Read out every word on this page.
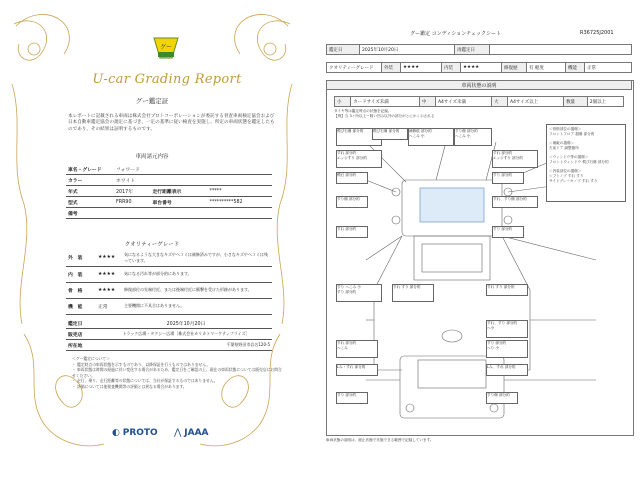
グー
U-car Grading Report
グー鑑定証
本レポートに記載される車両は株式会社プロトコーポレーションが委託する骨査車両検定協会および日本自動車鑑定協会の規定に基づき、一定の基準に従い検査を実施し、所定の車両状態を鑑定したものであり、その結果は証明するものです。
車両諸元内容
車名・グレード	フォワード		
カラー	ホワイト		
年式	2017年	走行距離表示	*****
型式	FRR90	車台番号	**********582
備考			
クオリティーグレード
外　装	★★★★	気になるような大きなキズやヘコミは補修済みですが、小さなキズやヘコミは残っています。
内　装	★★★★	気になる汚れ等が部分的にあります。
骨　格	★★★★	修復部位の先端付近、または後端付近に衝撃を受けた形跡があります。
機　能	正常	主要機関に不具合はありません。
鑑定日	2025年10月20日
販売店	トラック広場・タクシー広場［株式会社カリカトマーケティプライズ］
所在地	千葉県野田市岩名120-5
＜グー鑑定について＞
・ 鑑定時点の車両状態を示すものであり、以降保証を行うものではありません。
・ 車両状態は時間の経過に伴い変化する場合があるため、鑑定日をご確認の上、現在の車両状態については販売店にお問合せください。
・ 走行、乗り、走行距離等の状態については、当社が保証するものではありません。
・ 評価については他検査機関等の評価とは異なる場合があります。
◐ PROTO ⋀ JAAA
グー鑑定 コンディションチェックシート	R36725J2001
鑑定日	2025年10月20日	再鑑定日	
クオリティーグレード	外装	★★★★	内装	★★★★	修復歴	有 軽度	機能	正常
車両状態の説明
小	カードサイズ未満	中	A4サイズ未満	大	A4サイズ以上	数量	2個以上
タイヤ等は鑑定時点の状態を記録。
【例】当 3ヶ所以上ー軽い凹み以外の部分がとにかく示される
飛び石傷 部分的	飛び石傷 部分的	補修痕 部分的
へこみ 小
すり傷 部分的
へこみ 小
すれ 部分的
エッジすり 部分的
すれ 部分的
エッジすり 部分的
飛石 部分的	すり 部分的
すり傷 部分的	すれ、すり傷 部分的
すれ 部分的	すり 部分的
すり へこみ 小
すり 部分的
すれ すり 部分的	すれ すり 部分的
すれ、すり 部分的
へ小
すれ 部分的
へこみ
すり 部分的
へり 小
Lみ・すれ 部分的	Lみ、すれ 部分的
すり 部分的	すり傷 部分的
＜骨格部位の損傷＞
フロントフロア 損傷 部分的

＜補鈑の損傷＞
左前ドア 調整箇所

＜ウィンドウ等の損傷＞
フロントウィンドウ 飛び石傷 部分的

＜内装部位の損傷＞
シフトノブ すれ すり
サイドブレーキノブ すれ すり
車両状態の説明は、経止状態で実施できる範囲で記録しています。
